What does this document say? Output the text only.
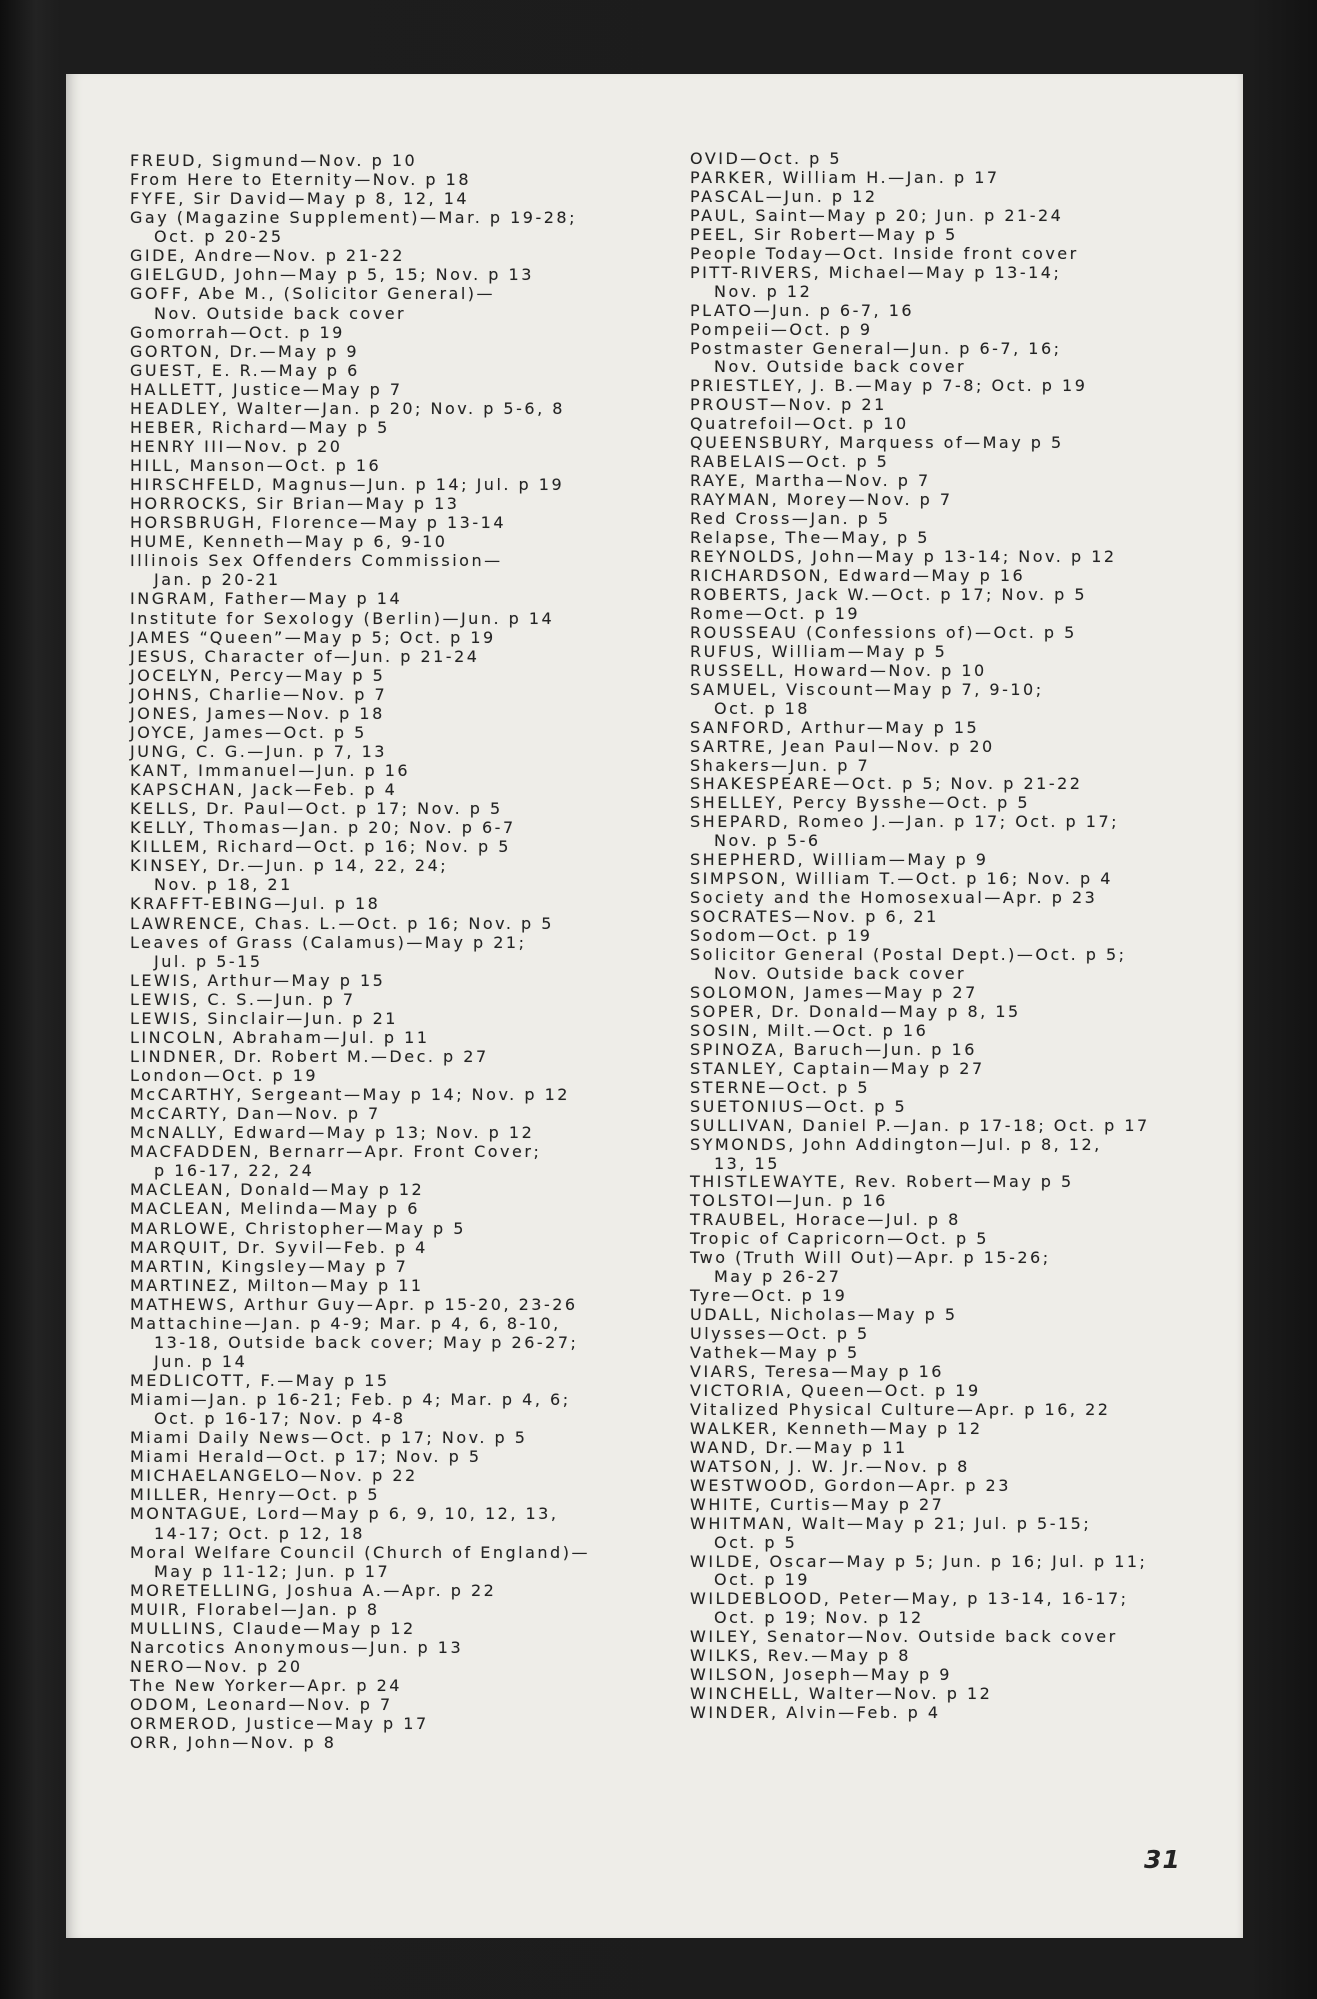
FREUD, Sigmund—Nov. p 10
From Here to Eternity—Nov. p 18
FYFE, Sir David—May p 8, 12, 14
Gay (Magazine Supplement)—Mar. p 19-28;
Oct. p 20-25
GIDE, Andre—Nov. p 21-22
GIELGUD, John—May p 5, 15; Nov. p 13
GOFF, Abe M., (Solicitor General)—
Nov. Outside back cover
Gomorrah—Oct. p 19
GORTON, Dr.—May p 9
GUEST, E. R.—May p 6
HALLETT, Justice—May p 7
HEADLEY, Walter—Jan. p 20; Nov. p 5-6, 8
HEBER, Richard—May p 5
HENRY III—Nov. p 20
HILL, Manson—Oct. p 16
HIRSCHFELD, Magnus—Jun. p 14; Jul. p 19
HORROCKS, Sir Brian—May p 13
HORSBRUGH, Florence—May p 13-14
HUME, Kenneth—May p 6, 9-10
Illinois Sex Offenders Commission—
Jan. p 20-21
INGRAM, Father—May p 14
Institute for Sexology (Berlin)—Jun. p 14
JAMES “Queen”—May p 5; Oct. p 19
JESUS, Character of—Jun. p 21-24
JOCELYN, Percy—May p 5
JOHNS, Charlie—Nov. p 7
JONES, James—Nov. p 18
JOYCE, James—Oct. p 5
JUNG, C. G.—Jun. p 7, 13
KANT, Immanuel—Jun. p 16
KAPSCHAN, Jack—Feb. p 4
KELLS, Dr. Paul—Oct. p 17; Nov. p 5
KELLY, Thomas—Jan. p 20; Nov. p 6-7
KILLEM, Richard—Oct. p 16; Nov. p 5
KINSEY, Dr.—Jun. p 14, 22, 24;
Nov. p 18, 21
KRAFFT-EBING—Jul. p 18
LAWRENCE, Chas. L.—Oct. p 16; Nov. p 5
Leaves of Grass (Calamus)—May p 21;
Jul. p 5-15
LEWIS, Arthur—May p 15
LEWIS, C. S.—Jun. p 7
LEWIS, Sinclair—Jun. p 21
LINCOLN, Abraham—Jul. p 11
LINDNER, Dr. Robert M.—Dec. p 27
London—Oct. p 19
McCARTHY, Sergeant—May p 14; Nov. p 12
McCARTY, Dan—Nov. p 7
McNALLY, Edward—May p 13; Nov. p 12
MACFADDEN, Bernarr—Apr. Front Cover;
p 16-17, 22, 24
MACLEAN, Donald—May p 12
MACLEAN, Melinda—May p 6
MARLOWE, Christopher—May p 5
MARQUIT, Dr. Syvil—Feb. p 4
MARTIN, Kingsley—May p 7
MARTINEZ, Milton—May p 11
MATHEWS, Arthur Guy—Apr. p 15-20, 23-26
Mattachine—Jan. p 4-9; Mar. p 4, 6, 8-10,
13-18, Outside back cover; May p 26-27;
Jun. p 14
MEDLICOTT, F.—May p 15
Miami—Jan. p 16-21; Feb. p 4; Mar. p 4, 6;
Oct. p 16-17; Nov. p 4-8
Miami Daily News—Oct. p 17; Nov. p 5
Miami Herald—Oct. p 17; Nov. p 5
MICHAELANGELO—Nov. p 22
MILLER, Henry—Oct. p 5
MONTAGUE, Lord—May p 6, 9, 10, 12, 13,
14-17; Oct. p 12, 18
Moral Welfare Council (Church of England)—
May p 11-12; Jun. p 17
MORETELLING, Joshua A.—Apr. p 22
MUIR, Florabel—Jan. p 8
MULLINS, Claude—May p 12
Narcotics Anonymous—Jun. p 13
NERO—Nov. p 20
The New Yorker—Apr. p 24
ODOM, Leonard—Nov. p 7
ORMEROD, Justice—May p 17
ORR, John—Nov. p 8
OVID—Oct. p 5
PARKER, William H.—Jan. p 17
PASCAL—Jun. p 12
PAUL, Saint—May p 20; Jun. p 21-24
PEEL, Sir Robert—May p 5
People Today—Oct. Inside front cover
PITT-RIVERS, Michael—May p 13-14;
Nov. p 12
PLATO—Jun. p 6-7, 16
Pompeii—Oct. p 9
Postmaster General—Jun. p 6-7, 16;
Nov. Outside back cover
PRIESTLEY, J. B.—May p 7-8; Oct. p 19
PROUST—Nov. p 21
Quatrefoil—Oct. p 10
QUEENSBURY, Marquess of—May p 5
RABELAIS—Oct. p 5
RAYE, Martha—Nov. p 7
RAYMAN, Morey—Nov. p 7
Red Cross—Jan. p 5
Relapse, The—May, p 5
REYNOLDS, John—May p 13-14; Nov. p 12
RICHARDSON, Edward—May p 16
ROBERTS, Jack W.—Oct. p 17; Nov. p 5
Rome—Oct. p 19
ROUSSEAU (Confessions of)—Oct. p 5
RUFUS, William—May p 5
RUSSELL, Howard—Nov. p 10
SAMUEL, Viscount—May p 7, 9-10;
Oct. p 18
SANFORD, Arthur—May p 15
SARTRE, Jean Paul—Nov. p 20
Shakers—Jun. p 7
SHAKESPEARE—Oct. p 5; Nov. p 21-22
SHELLEY, Percy Bysshe—Oct. p 5
SHEPARD, Romeo J.—Jan. p 17; Oct. p 17;
Nov. p 5-6
SHEPHERD, William—May p 9
SIMPSON, William T.—Oct. p 16; Nov. p 4
Society and the Homosexual—Apr. p 23
SOCRATES—Nov. p 6, 21
Sodom—Oct. p 19
Solicitor General (Postal Dept.)—Oct. p 5;
Nov. Outside back cover
SOLOMON, James—May p 27
SOPER, Dr. Donald—May p 8, 15
SOSIN, Milt.—Oct. p 16
SPINOZA, Baruch—Jun. p 16
STANLEY, Captain—May p 27
STERNE—Oct. p 5
SUETONIUS—Oct. p 5
SULLIVAN, Daniel P.—Jan. p 17-18; Oct. p 17
SYMONDS, John Addington—Jul. p 8, 12,
13, 15
THISTLEWAYTE, Rev. Robert—May p 5
TOLSTOI—Jun. p 16
TRAUBEL, Horace—Jul. p 8
Tropic of Capricorn—Oct. p 5
Two (Truth Will Out)—Apr. p 15-26;
May p 26-27
Tyre—Oct. p 19
UDALL, Nicholas—May p 5
Ulysses—Oct. p 5
Vathek—May p 5
VIARS, Teresa—May p 16
VICTORIA, Queen—Oct. p 19
Vitalized Physical Culture—Apr. p 16, 22
WALKER, Kenneth—May p 12
WAND, Dr.—May p 11
WATSON, J. W. Jr.—Nov. p 8
WESTWOOD, Gordon—Apr. p 23
WHITE, Curtis—May p 27
WHITMAN, Walt—May p 21; Jul. p 5-15;
Oct. p 5
WILDE, Oscar—May p 5; Jun. p 16; Jul. p 11;
Oct. p 19
WILDEBLOOD, Peter—May, p 13-14, 16-17;
Oct. p 19; Nov. p 12
WILEY, Senator—Nov. Outside back cover
WILKS, Rev.—May p 8
WILSON, Joseph—May p 9
WINCHELL, Walter—Nov. p 12
WINDER, Alvin—Feb. p 4
31
